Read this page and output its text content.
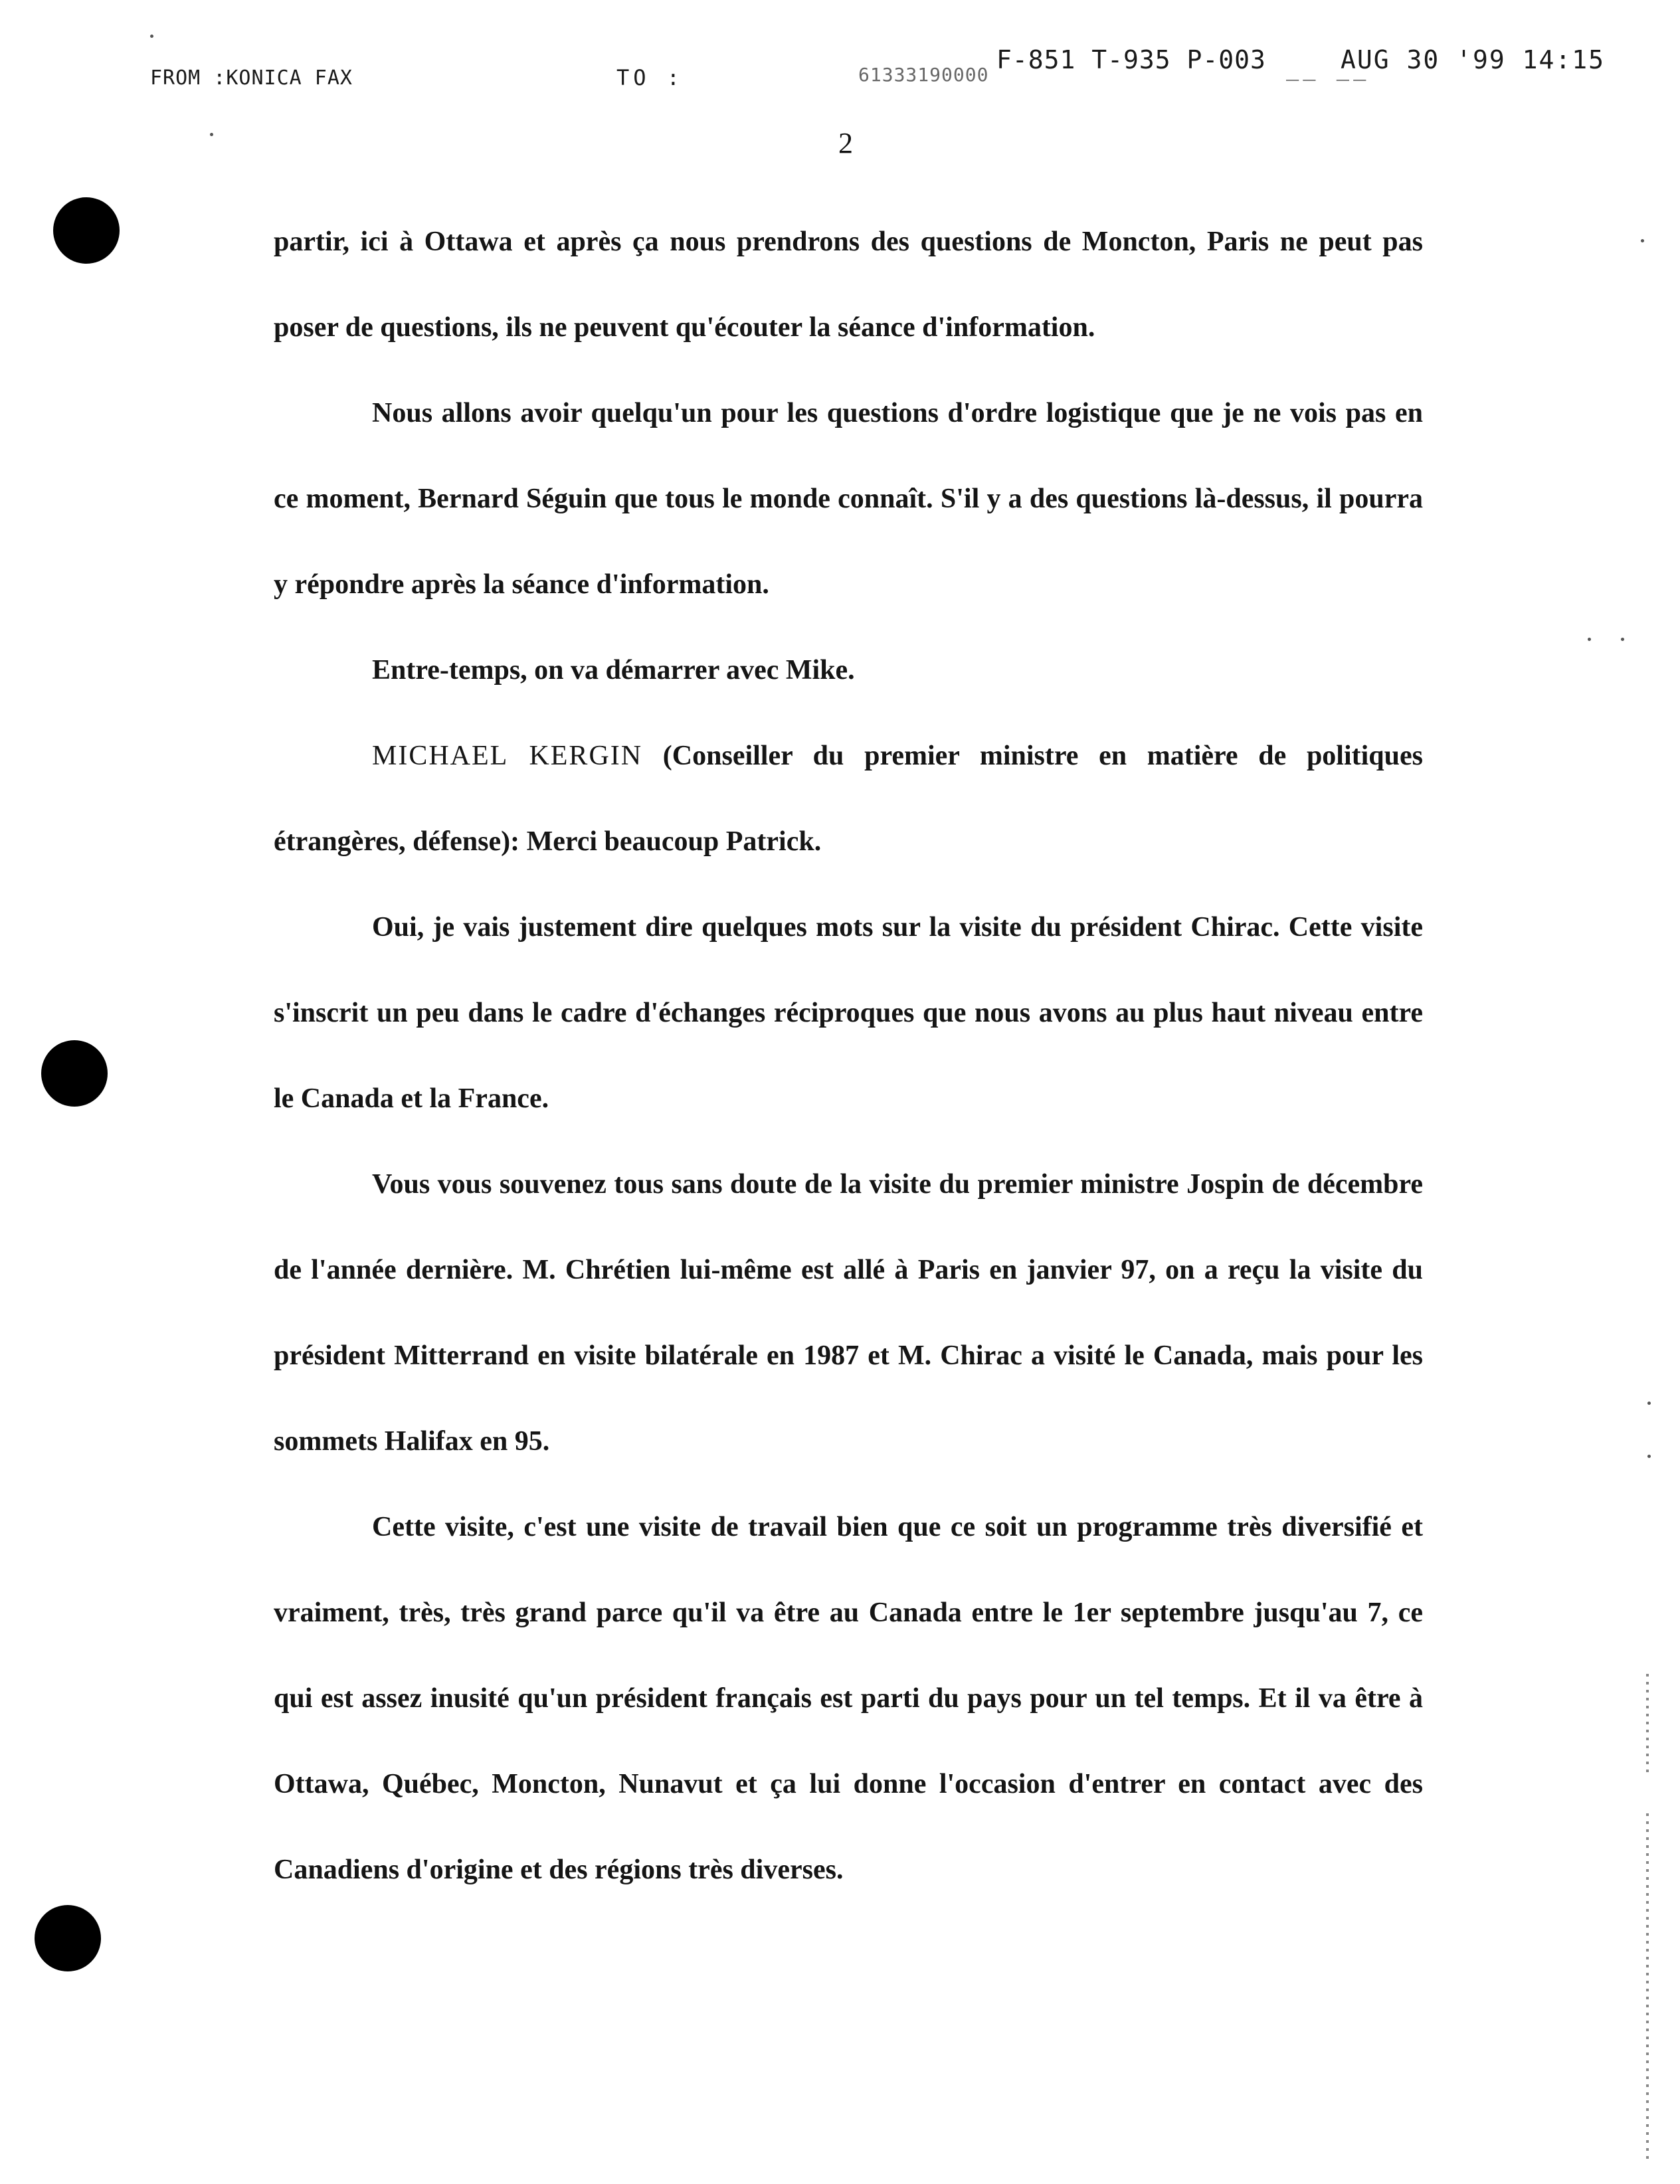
FROM :KONICA FAX	TO :	61333190000
F-851 T-935 P-003 __ __
AUG 30 '99 14:15
2

partir, ici à Ottawa et après ça nous prendrons des questions de Moncton, Paris ne peut pas poser de questions, ils ne peuvent qu'écouter la séance d'information.

Nous allons avoir quelqu'un pour les questions d'ordre logistique que je ne vois pas en ce moment, Bernard Séguin que tous le monde connaît. S'il y a des questions là-dessus, il pourra y répondre après la séance d'information.

Entre-temps, on va démarrer avec Mike.

MICHAEL KERGIN (Conseiller du premier ministre en matière de politiques étrangères, défense): Merci beaucoup Patrick.

Oui, je vais justement dire quelques mots sur la visite du président Chirac. Cette visite s'inscrit un peu dans le cadre d'échanges réciproques que nous avons au plus haut niveau entre le Canada et la France.

Vous vous souvenez tous sans doute de la visite du premier ministre Jospin de décembre de l'année dernière. M. Chrétien lui-même est allé à Paris en janvier 97, on a reçu la visite du président Mitterrand en visite bilatérale en 1987 et M. Chirac a visité le Canada, mais pour les sommets Halifax en 95.

Cette visite, c'est une visite de travail bien que ce soit un programme très diversifié et vraiment, très, très grand parce qu'il va être au Canada entre le 1er septembre jusqu'au 7, ce qui est assez inusité qu'un président français est parti du pays pour un tel temps. Et il va être à Ottawa, Québec, Moncton, Nunavut et ça lui donne l'occasion d'entrer en contact avec des Canadiens d'origine et des régions très diverses.
